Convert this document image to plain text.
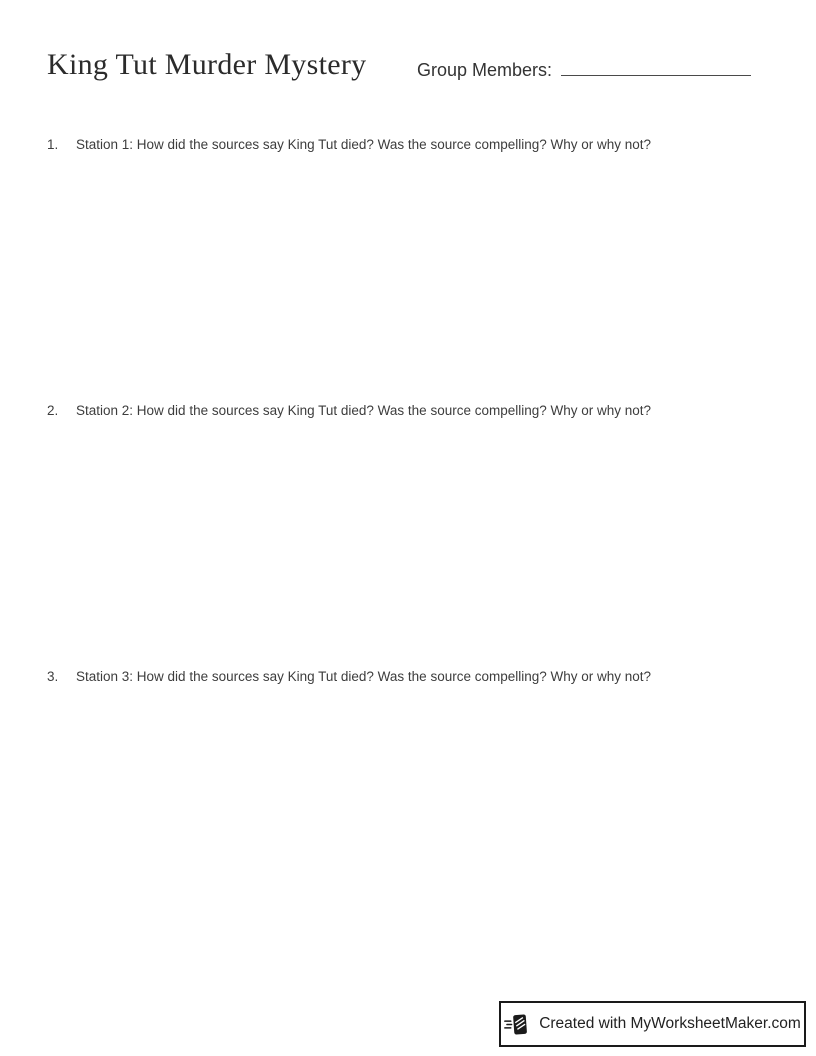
King Tut Murder Mystery	Group Members:
1.	Station 1: How did the sources say King Tut died? Was the source compelling? Why or why not?
2.	Station 2: How did the sources say King Tut died? Was the source compelling? Why or why not?
3.	Station 3: How did the sources say King Tut died? Was the source compelling? Why or why not?
Created with MyWorksheetMaker.com
